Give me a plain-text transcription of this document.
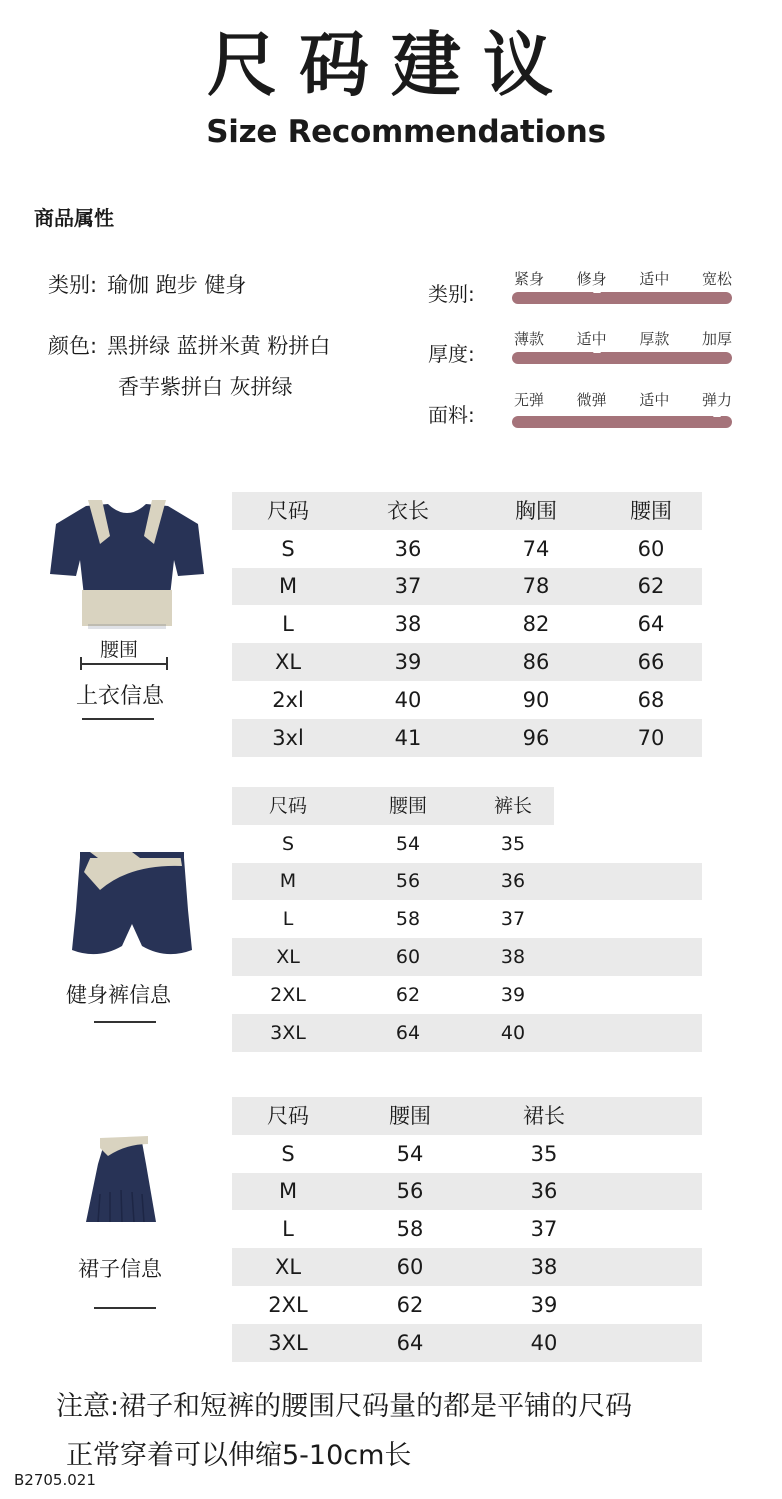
尺码建议
Size Recommendations
商品属性
类别: 瑜伽 跑步 健身
颜色: 黑拼绿 蓝拼米黄 粉拼白
香芋紫拼白 灰拼绿
类别:
紧身 修身 适中 宽松
厚度:
薄款 适中 厚款 加厚
面料:
无弹 微弹 适中 弹力
腰围
上衣信息
尺码	衣长	胸围	腰围
S	36	74	60
M	37	78	62
L	38	82	64
XL	39	86	66
2xl	40	90	68
3xl	41	96	70
尺码	腰围	裤长
S	54	35
M	56	36
L	58	37
XL	60	38
2XL	62	39
3XL	64	40
健身裤信息
尺码	腰围	裙长
S	54	35
M	56	36
L	58	37
XL	60	38
2XL	62	39
3XL	64	40
裙子信息
注意:裙子和短裤的腰围尺码量的都是平铺的尺码
正常穿着可以伸缩5-10cm长
B2705.021
